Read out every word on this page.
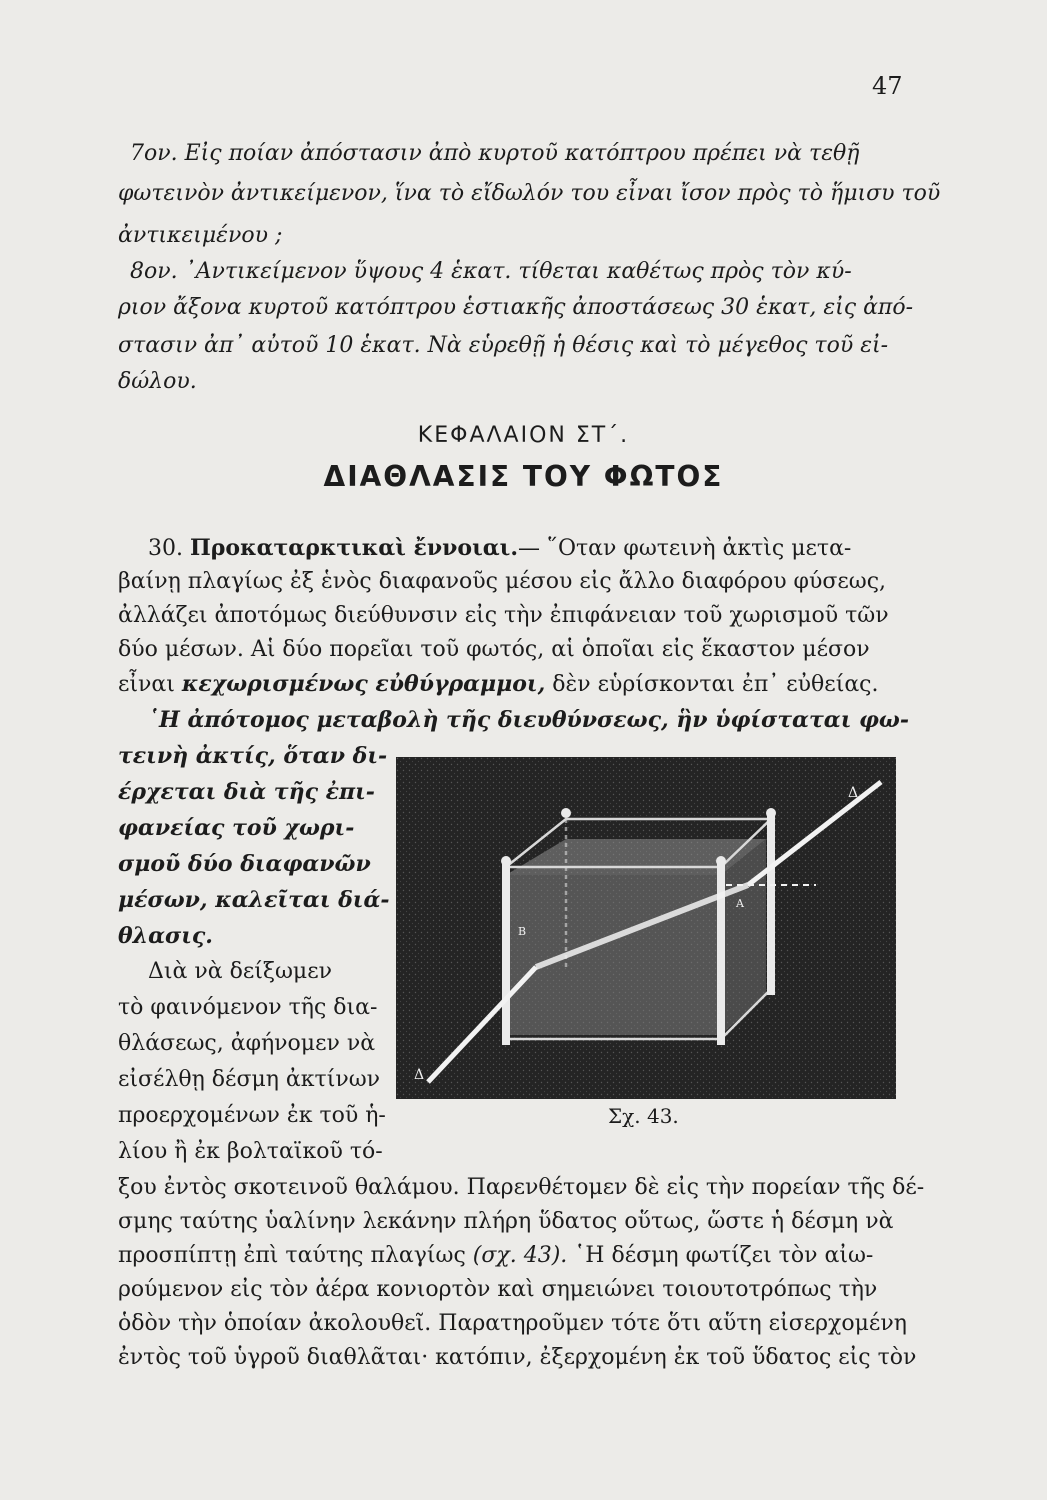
47
7ον. Εἰς ποίαν ἀπόστασιν ἀπὸ κυρτοῦ κατόπτρου πρέπει νὰ τεθῇ
φωτεινὸν ἀντικείμενον, ἵνα τὸ εἴδωλόν του εἶναι ἴσον πρὸς τὸ ἥμισυ τοῦ
ἀντικειμένου ;
8ον. ᾿Αντικείμενον ὕψους 4 ἑκατ. τίθεται καθέτως πρὸς τὸν κύ-
ριον ἄξονα κυρτοῦ κατόπτρου ἑστιακῆς ἀποστάσεως 30 ἑκατ, εἰς ἀπό-
στασιν ἀπ᾿ αὐτοῦ 10 ἑκατ. Νὰ εὑρεθῇ ἡ θέσις καὶ τὸ μέγεθος τοῦ εἰ-
δώλου.
ΚΕΦΑΛΑΙΟΝ ΣΤ΄.
ΔΙΑΘΛΑΣΙΣ ΤΟΥ ΦΩΤΟΣ
30. Προκαταρκτικαὶ ἔννοιαι.— ῞Οταν φωτεινὴ ἀκτὶς μετα-
βαίνῃ πλαγίως ἐξ ἑνὸς διαφανοῦς μέσου εἰς ἄλλο διαφόρου φύσεως,
ἀλλάζει ἀποτόμως διεύθυνσιν εἰς τὴν ἐπιφάνειαν τοῦ χωρισμοῦ τῶν
δύο μέσων. Αἱ δύο πορεῖαι τοῦ φωτός, αἱ ὁποῖαι εἰς ἕκαστον μέσον
εἶναι κεχωρισμένως εὐθύγραμμοι, δὲν εὑρίσκονται ἐπ᾿ εὐθείας.
῾Η ἀπότομος μεταβολὴ τῆς διευθύνσεως, ἣν ὑφίσταται φω-
τεινὴ ἀκτίς, ὅταν δι-
έρχεται διὰ τῆς ἐπι-
φανείας τοῦ χωρι-
σμοῦ δύο διαφανῶν
μέσων, καλεῖται διά-
θλασις.
Διὰ νὰ δείξωμεν
τὸ φαινόμενον τῆς δια-
θλάσεως, ἀφήνομεν νὰ
εἰσέλθῃ δέσμη ἀκτίνων
προερχομένων ἐκ τοῦ ἡ-
λίου ἢ ἐκ βολταϊκοῦ τό-
Δ
Δ
A
B
Σχ. 43.
ξου ἐντὸς σκοτεινοῦ θαλάμου. Παρενθέτομεν δὲ εἰς τὴν πορείαν τῆς δέ-
σμης ταύτης ὑαλίνην λεκάνην πλήρη ὕδατος οὕτως, ὥστε ἡ δέσμη νὰ
προσπίπτῃ ἐπὶ ταύτης πλαγίως (σχ. 43). ῾Η δέσμη φωτίζει τὸν αἰω-
ρούμενον εἰς τὸν ἀέρα κονιορτὸν καὶ σημειώνει τοιουτοτρόπως τὴν
ὁδὸν τὴν ὁποίαν ἀκολουθεῖ. Παρατηροῦμεν τότε ὅτι αὕτη εἰσερχομένη
ἐντὸς τοῦ ὑγροῦ διαθλᾶται· κατόπιν, ἐξερχομένη ἐκ τοῦ ὕδατος εἰς τὸν
